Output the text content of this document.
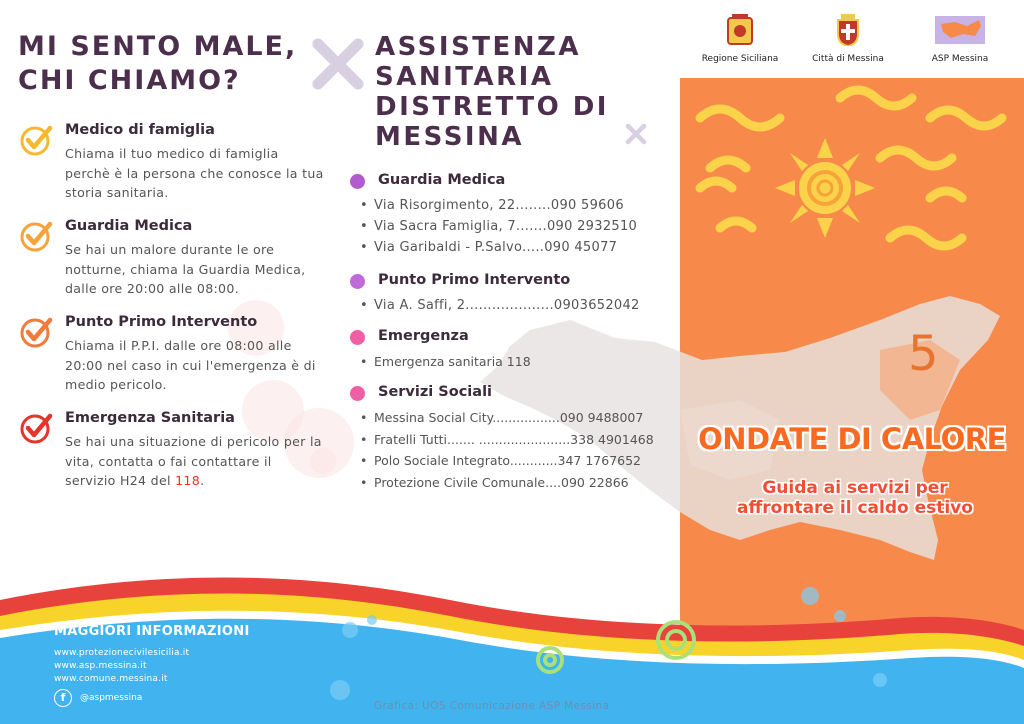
5
Regione Siciliana	Città di Messina	ASP Messina
ONDATE DI CALORE
Guida ai servizi per
affrontare il caldo estivo
MI SENTO MALE,
CHI CHIAMO?
Medico di famiglia
Chiama il tuo medico di famiglia perchè è la persona che conosce la tua storia sanitaria.
Guardia Medica
Se hai un malore durante le ore notturne, chiama la Guardia Medica, dalle ore 20:00 alle 08:00.
Punto Primo Intervento
Chiama il P.P.I. dalle ore 08:00 alle 20:00 nel caso in cui l'emergenza è di medio pericolo.
Emergenza Sanitaria
Se hai una situazione di pericolo per la vita, contatta o fai contattare il servizio H24 del 118.
ASSISTENZA
SANITARIA
DISTRETTO DI
MESSINA
Guardia Medica
• Via Risorgimento, 22........090 59606
• Via Sacra Famiglia, 7.......090 2932510
• Via Garibaldi - P.Salvo.....090 45077
Punto Primo Intervento
• Via A. Saffi, 2....................0903652042
Emergenza
• Emergenza sanitaria 118
Servizi Sociali
• Messina Social City.................090 9488007
• Fratelli Tutti....... .......................338 4901468
• Polo Sociale Integrato............347 1767652
• Protezione Civile Comunale....090 22866
MAGGIORI INFORMAZIONI
www.protezionecivilesicilia.it
www.asp.messina.it
www.comune.messina.it
f	@aspmessina
Grafica: UOS Comunicazione ASP Messina
